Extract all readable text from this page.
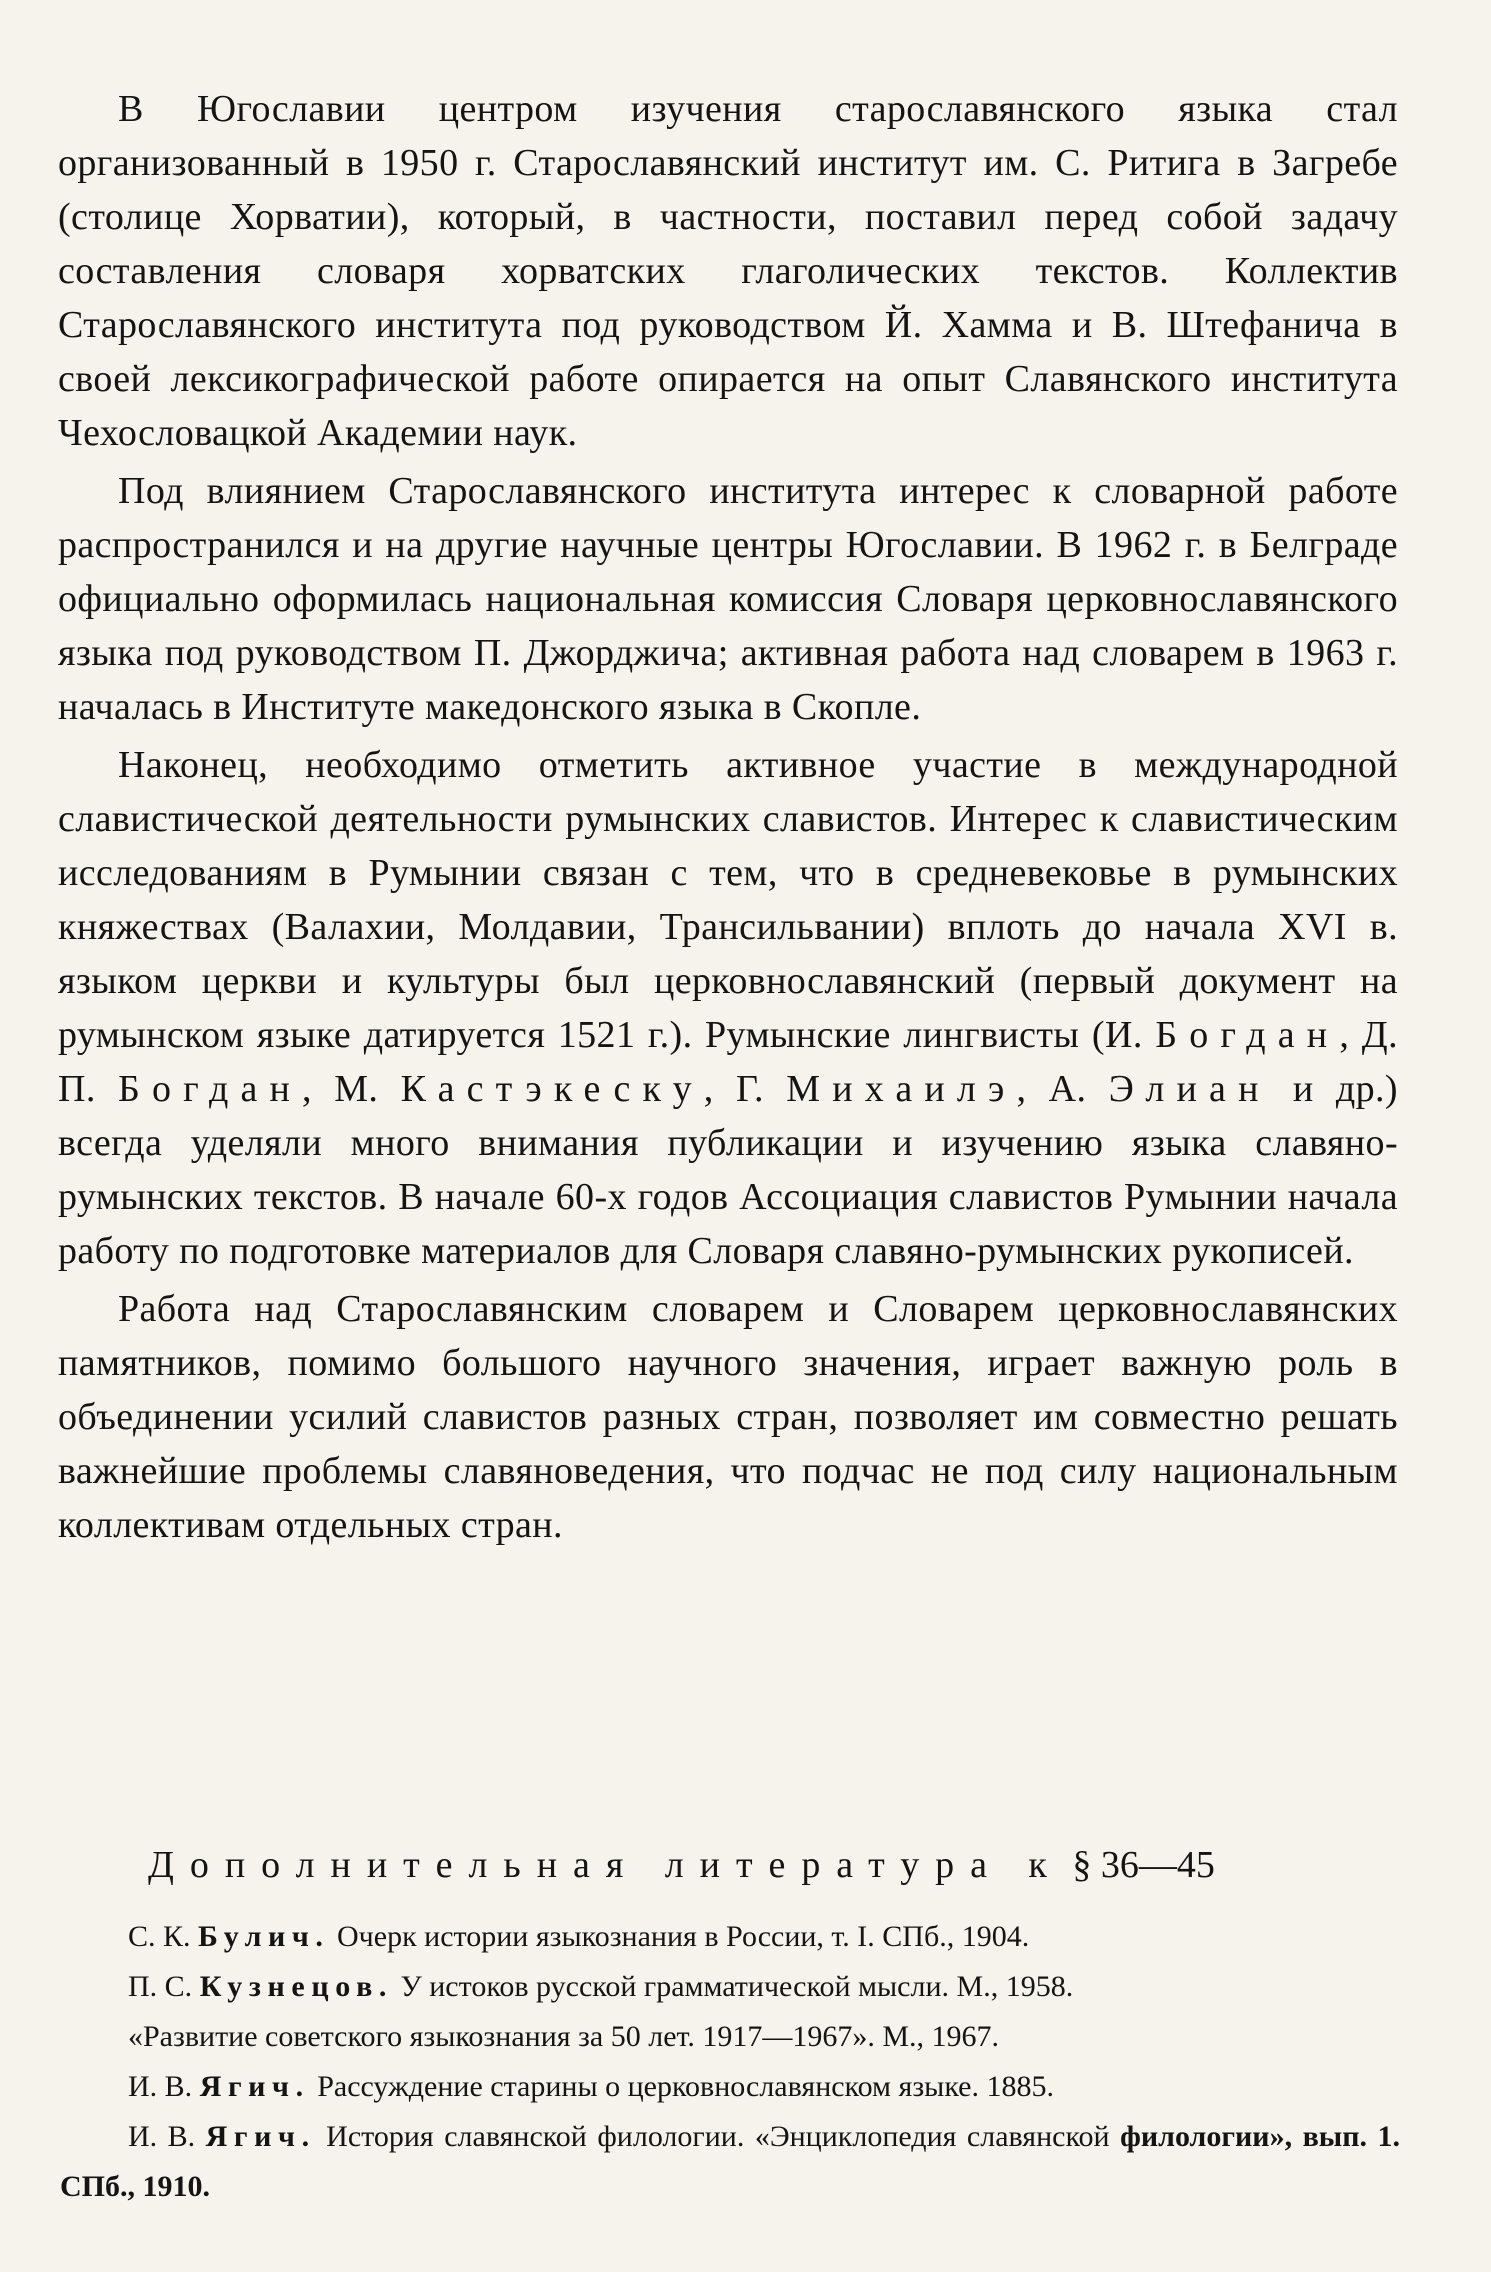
В Югославии центром изучения старославянского языка стал организованный в 1950 г. Старославянский институт им. С. Ритига в Загребе (столице Хорватии), который, в частности, поставил перед собой задачу составления словаря хорватских глаголических текстов. Коллектив Старославянского института под руководством Й. Хамма и В. Штефанича в своей лексикографической работе опирается на опыт Славянского института Чехословацкой Академии наук.

Под влиянием Старославянского института интерес к словарной работе распространился и на другие научные центры Югославии. В 1962 г. в Белграде официально оформилась национальная комиссия Словаря церковнославянского языка под руководством П. Джорджича; активная работа над словарем в 1963 г. началась в Институте македонского языка в Скопле.

Наконец, необходимо отметить активное участие в международной славистической деятельности румынских славистов. Интерес к славистическим исследованиям в Румынии связан с тем, что в средневековье в румынских княжествах (Валахии, Молдавии, Трансильвании) вплоть до начала XVI в. языком церкви и культуры был церковнославянский (первый документ на румынском языке датируется 1521 г.). Румынские лингвисты (И. Богдан, Д. П. Богдан, М. Кастэкеску, Г. Михаилэ, А. Элиан и др.) всегда уделяли много внимания публикации и изучению языка славяно-румынских текстов. В начале 60-х годов Ассоциация славистов Румынии начала работу по подготовке материалов для Словаря славяно-румынских рукописей.

Работа над Старославянским словарем и Словарем церковнославянских памятников, помимо большого научного значения, играет важную роль в объединении усилий славистов разных стран, позволяет им совместно решать важнейшие проблемы славяноведения, что подчас не под силу национальным коллективам отдельных стран.

Дополнительная литература к § 36—45

С. К. Булич. Очерк истории языкознания в России, т. I. СПб., 1904.

П. С. Кузнецов. У истоков русской грамматической мысли. М., 1958.

«Развитие советского языкознания за 50 лет. 1917—1967». М., 1967.

И. В. Ягич. Рассуждение старины о церковнославянском языке. 1885.

И. В. Ягич. История славянской филологии. «Энциклопедия славянской филологии», вып. 1. СПб., 1910.
